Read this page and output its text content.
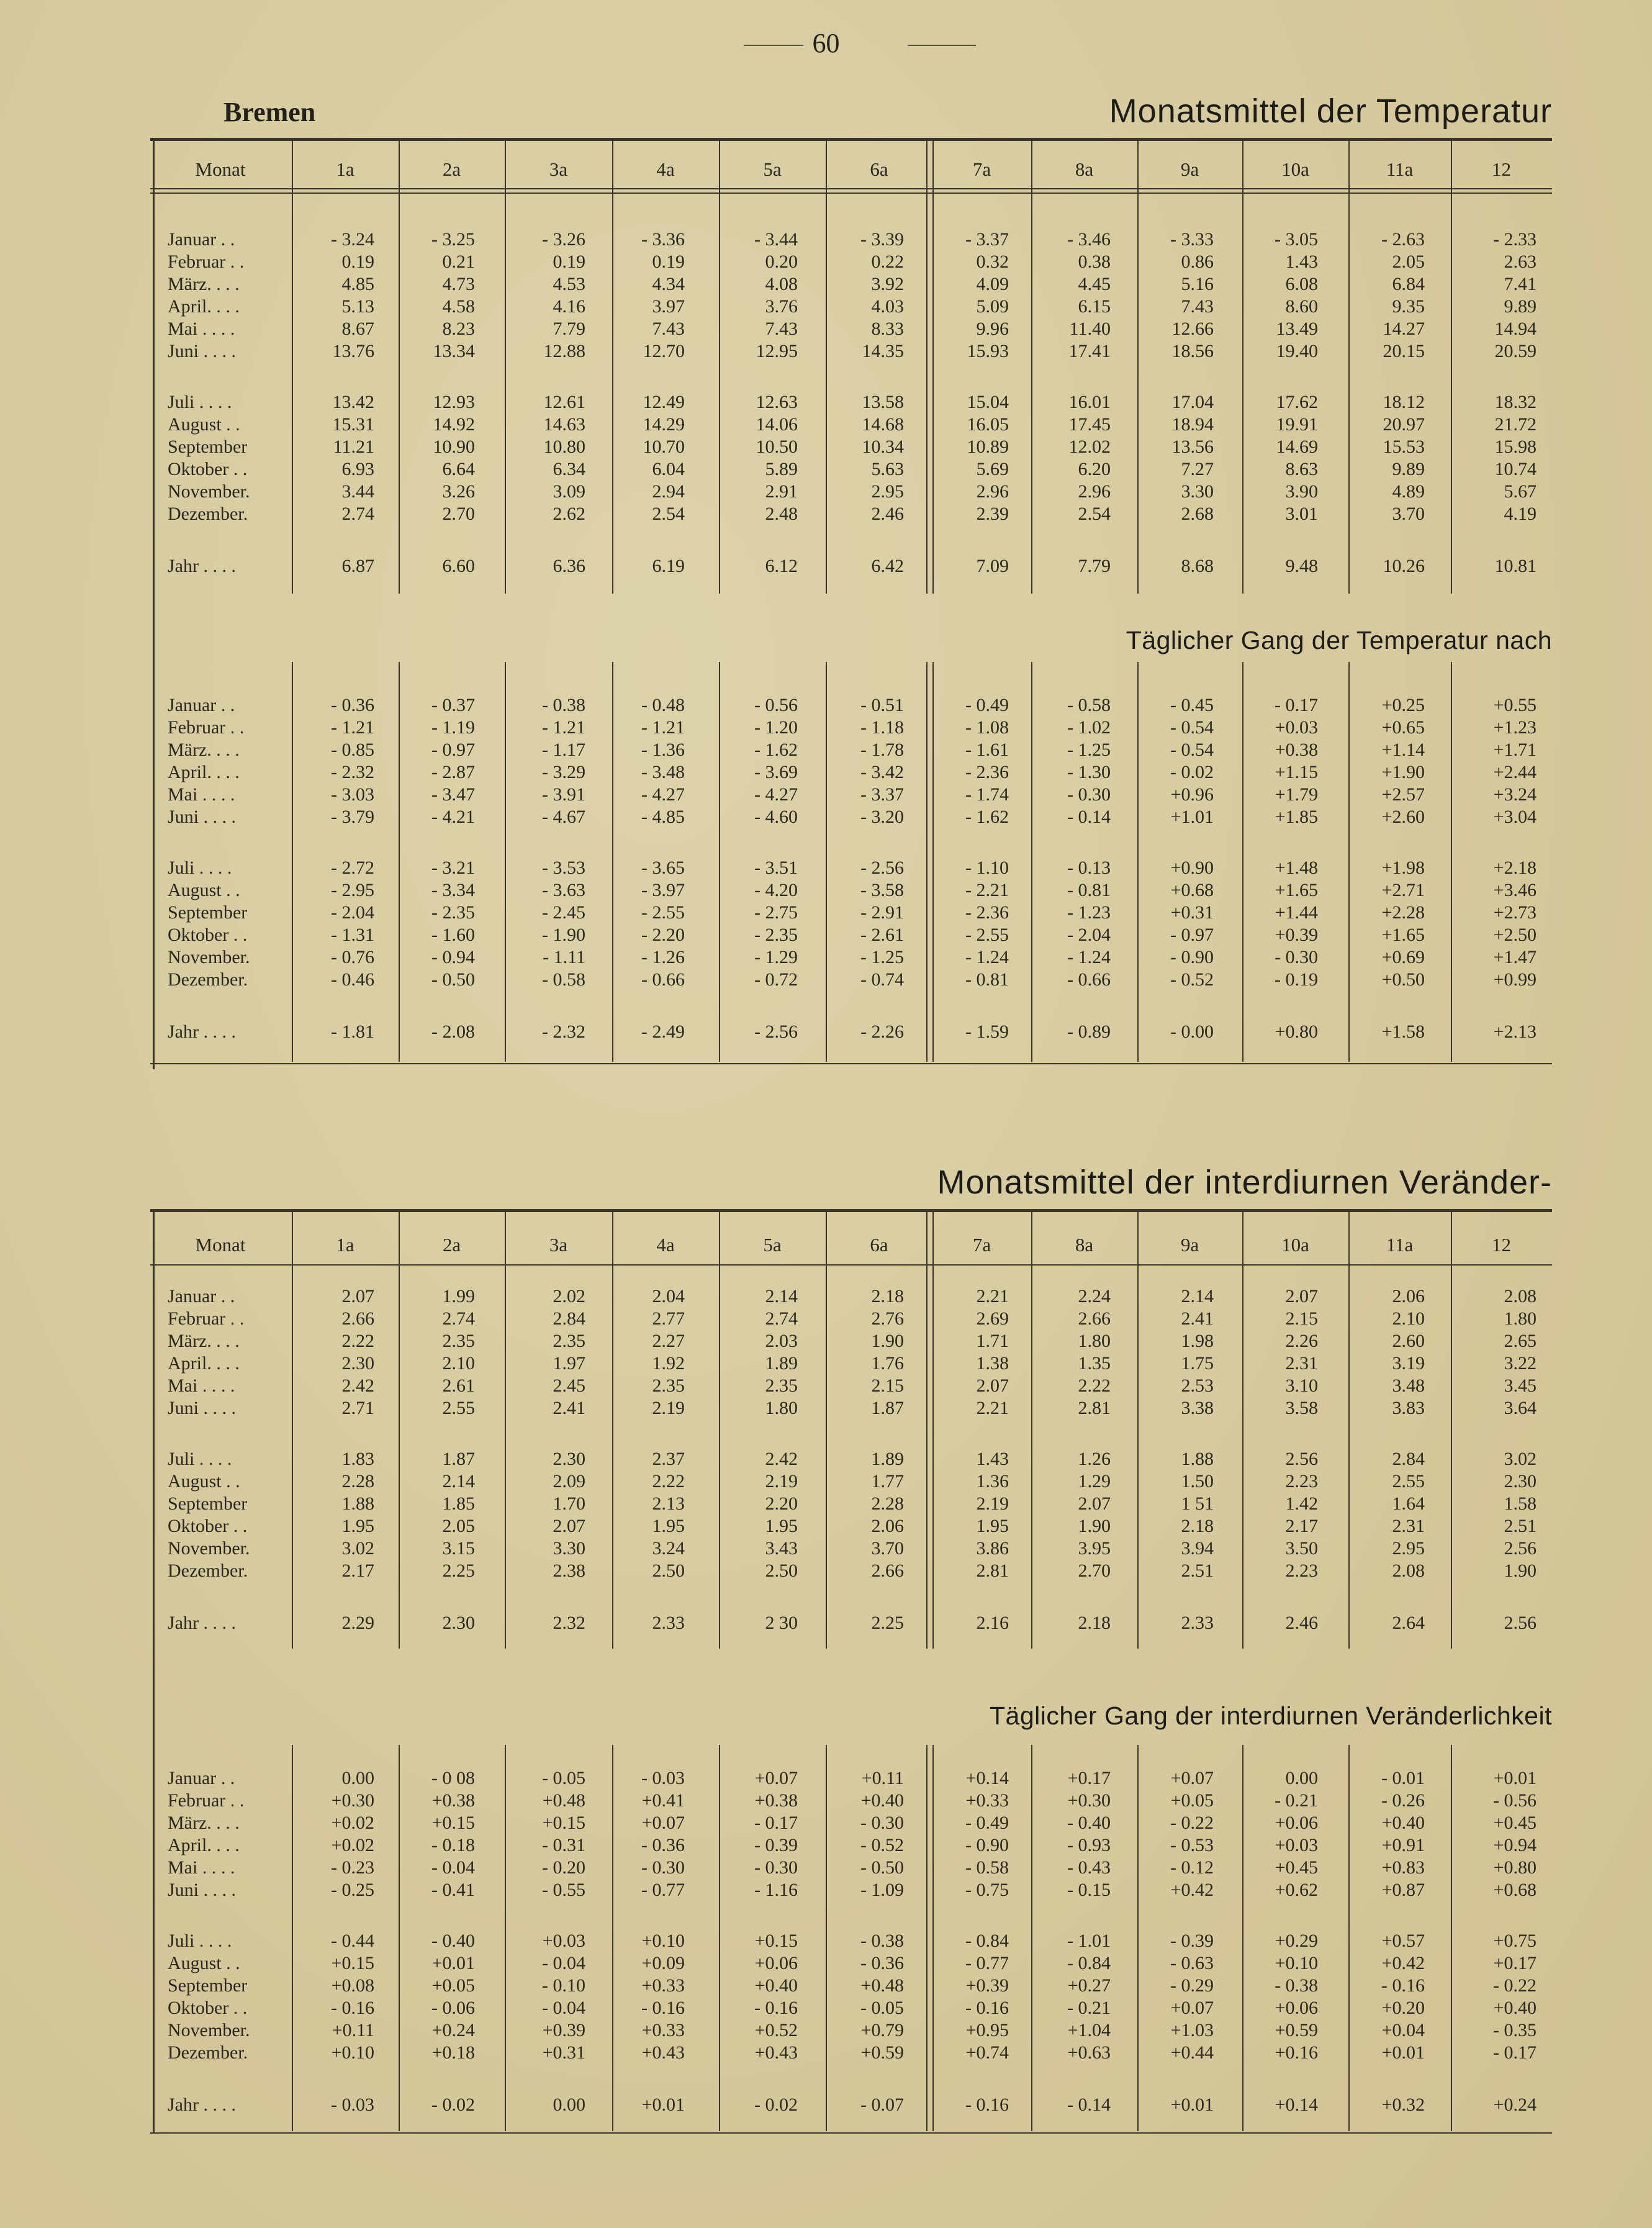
60
Bremen	Monatsmittel der Temperatur
Monat	1a	2a	3a	4a	5a	6a	7a	8a	9a	10a	11a	12
Januar . .	- 3.24	- 3.25	- 3.26	- 3.36	- 3.44	- 3.39	- 3.37	- 3.46	- 3.33	- 3.05	- 2.63	- 2.33
Februar . .	0.19	0.21	0.19	0.19	0.20	0.22	0.32	0.38	0.86	1.43	2.05	2.63
März. . . .	4.85	4.73	4.53	4.34	4.08	3.92	4.09	4.45	5.16	6.08	6.84	7.41
April. . . .	5.13	4.58	4.16	3.97	3.76	4.03	5.09	6.15	7.43	8.60	9.35	9.89
Mai . . . .	8.67	8.23	7.79	7.43	7.43	8.33	9.96	11.40	12.66	13.49	14.27	14.94
Juni . . . .	13.76	13.34	12.88	12.70	12.95	14.35	15.93	17.41	18.56	19.40	20.15	20.59
Juli . . . .	13.42	12.93	12.61	12.49	12.63	13.58	15.04	16.01	17.04	17.62	18.12	18.32
August . .	15.31	14.92	14.63	14.29	14.06	14.68	16.05	17.45	18.94	19.91	20.97	21.72
September	11.21	10.90	10.80	10.70	10.50	10.34	10.89	12.02	13.56	14.69	15.53	15.98
Oktober . .	6.93	6.64	6.34	6.04	5.89	5.63	5.69	6.20	7.27	8.63	9.89	10.74
November.	3.44	3.26	3.09	2.94	2.91	2.95	2.96	2.96	3.30	3.90	4.89	5.67
Dezember.	2.74	2.70	2.62	2.54	2.48	2.46	2.39	2.54	2.68	3.01	3.70	4.19
Jahr . . . .	6.87	6.60	6.36	6.19	6.12	6.42	7.09	7.79	8.68	9.48	10.26	10.81
Täglicher Gang der Temperatur nach
Januar . .	- 0.36	- 0.37	- 0.38	- 0.48	- 0.56	- 0.51	- 0.49	- 0.58	- 0.45	- 0.17	+0.25	+0.55
Februar . .	- 1.21	- 1.19	- 1.21	- 1.21	- 1.20	- 1.18	- 1.08	- 1.02	- 0.54	+0.03	+0.65	+1.23
März. . . .	- 0.85	- 0.97	- 1.17	- 1.36	- 1.62	- 1.78	- 1.61	- 1.25	- 0.54	+0.38	+1.14	+1.71
April. . . .	- 2.32	- 2.87	- 3.29	- 3.48	- 3.69	- 3.42	- 2.36	- 1.30	- 0.02	+1.15	+1.90	+2.44
Mai . . . .	- 3.03	- 3.47	- 3.91	- 4.27	- 4.27	- 3.37	- 1.74	- 0.30	+0.96	+1.79	+2.57	+3.24
Juni . . . .	- 3.79	- 4.21	- 4.67	- 4.85	- 4.60	- 3.20	- 1.62	- 0.14	+1.01	+1.85	+2.60	+3.04
Juli . . . .	- 2.72	- 3.21	- 3.53	- 3.65	- 3.51	- 2.56	- 1.10	- 0.13	+0.90	+1.48	+1.98	+2.18
August . .	- 2.95	- 3.34	- 3.63	- 3.97	- 4.20	- 3.58	- 2.21	- 0.81	+0.68	+1.65	+2.71	+3.46
September	- 2.04	- 2.35	- 2.45	- 2.55	- 2.75	- 2.91	- 2.36	- 1.23	+0.31	+1.44	+2.28	+2.73
Oktober . .	- 1.31	- 1.60	- 1.90	- 2.20	- 2.35	- 2.61	- 2.55	- 2.04	- 0.97	+0.39	+1.65	+2.50
November.	- 0.76	- 0.94	- 1.11	- 1.26	- 1.29	- 1.25	- 1.24	- 1.24	- 0.90	- 0.30	+0.69	+1.47
Dezember.	- 0.46	- 0.50	- 0.58	- 0.66	- 0.72	- 0.74	- 0.81	- 0.66	- 0.52	- 0.19	+0.50	+0.99
Jahr . . . .	- 1.81	- 2.08	- 2.32	- 2.49	- 2.56	- 2.26	- 1.59	- 0.89	- 0.00	+0.80	+1.58	+2.13
Monatsmittel der interdiurnen Veränder-
Monat	1a	2a	3a	4a	5a	6a	7a	8a	9a	10a	11a	12
Januar . .	2.07	1.99	2.02	2.04	2.14	2.18	2.21	2.24	2.14	2.07	2.06	2.08
Februar . .	2.66	2.74	2.84	2.77	2.74	2.76	2.69	2.66	2.41	2.15	2.10	1.80
März. . . .	2.22	2.35	2.35	2.27	2.03	1.90	1.71	1.80	1.98	2.26	2.60	2.65
April. . . .	2.30	2.10	1.97	1.92	1.89	1.76	1.38	1.35	1.75	2.31	3.19	3.22
Mai . . . .	2.42	2.61	2.45	2.35	2.35	2.15	2.07	2.22	2.53	3.10	3.48	3.45
Juni . . . .	2.71	2.55	2.41	2.19	1.80	1.87	2.21	2.81	3.38	3.58	3.83	3.64
Juli . . . .	1.83	1.87	2.30	2.37	2.42	1.89	1.43	1.26	1.88	2.56	2.84	3.02
August . .	2.28	2.14	2.09	2.22	2.19	1.77	1.36	1.29	1.50	2.23	2.55	2.30
September	1.88	1.85	1.70	2.13	2.20	2.28	2.19	2.07	1 51	1.42	1.64	1.58
Oktober . .	1.95	2.05	2.07	1.95	1.95	2.06	1.95	1.90	2.18	2.17	2.31	2.51
November.	3.02	3.15	3.30	3.24	3.43	3.70	3.86	3.95	3.94	3.50	2.95	2.56
Dezember.	2.17	2.25	2.38	2.50	2.50	2.66	2.81	2.70	2.51	2.23	2.08	1.90
Jahr . . . .	2.29	2.30	2.32	2.33	2 30	2.25	2.16	2.18	2.33	2.46	2.64	2.56
Täglicher Gang der interdiurnen Veränderlichkeit
Januar . .	0.00	- 0 08	- 0.05	- 0.03	+0.07	+0.11	+0.14	+0.17	+0.07	0.00	- 0.01	+0.01
Februar . .	+0.30	+0.38	+0.48	+0.41	+0.38	+0.40	+0.33	+0.30	+0.05	- 0.21	- 0.26	- 0.56
März. . . .	+0.02	+0.15	+0.15	+0.07	- 0.17	- 0.30	- 0.49	- 0.40	- 0.22	+0.06	+0.40	+0.45
April. . . .	+0.02	- 0.18	- 0.31	- 0.36	- 0.39	- 0.52	- 0.90	- 0.93	- 0.53	+0.03	+0.91	+0.94
Mai . . . .	- 0.23	- 0.04	- 0.20	- 0.30	- 0.30	- 0.50	- 0.58	- 0.43	- 0.12	+0.45	+0.83	+0.80
Juni . . . .	- 0.25	- 0.41	- 0.55	- 0.77	- 1.16	- 1.09	- 0.75	- 0.15	+0.42	+0.62	+0.87	+0.68
Juli . . . .	- 0.44	- 0.40	+0.03	+0.10	+0.15	- 0.38	- 0.84	- 1.01	- 0.39	+0.29	+0.57	+0.75
August . .	+0.15	+0.01	- 0.04	+0.09	+0.06	- 0.36	- 0.77	- 0.84	- 0.63	+0.10	+0.42	+0.17
September	+0.08	+0.05	- 0.10	+0.33	+0.40	+0.48	+0.39	+0.27	- 0.29	- 0.38	- 0.16	- 0.22
Oktober . .	- 0.16	- 0.06	- 0.04	- 0.16	- 0.16	- 0.05	- 0.16	- 0.21	+0.07	+0.06	+0.20	+0.40
November.	+0.11	+0.24	+0.39	+0.33	+0.52	+0.79	+0.95	+1.04	+1.03	+0.59	+0.04	- 0.35
Dezember.	+0.10	+0.18	+0.31	+0.43	+0.43	+0.59	+0.74	+0.63	+0.44	+0.16	+0.01	- 0.17
Jahr . . . .	- 0.03	- 0.02	0.00	+0.01	- 0.02	- 0.07	- 0.16	- 0.14	+0.01	+0.14	+0.32	+0.24
